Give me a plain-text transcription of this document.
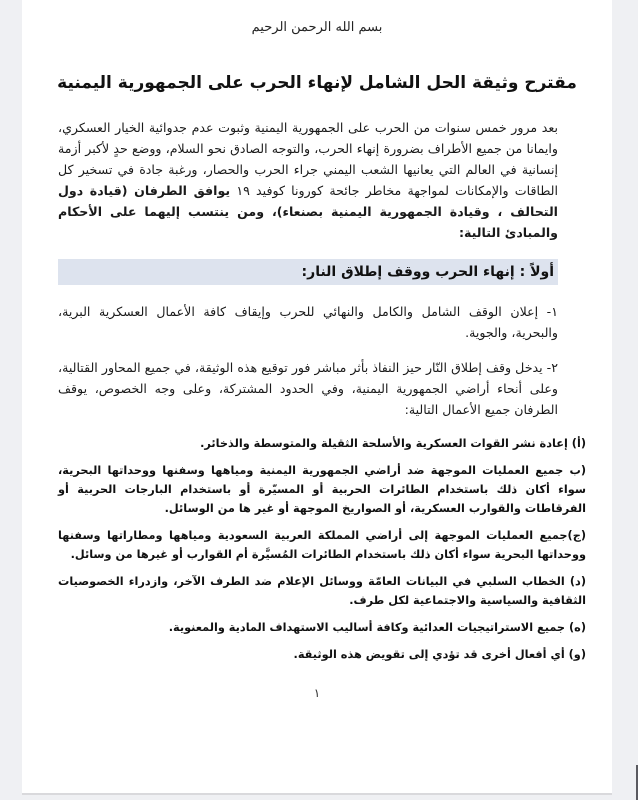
بسم الله الرحمن الرحيم
مقترح وثيقة الحل الشامل لإنهاء الحرب على الجمهورية اليمنية
بعد مرور خمس سنوات من الحرب على الجمهورية اليمنية وثبوت عدم جدوائية الخيار العسكري، وايمانا من جميع الأطراف بضرورة إنهاء الحرب، والتوجه الصادق نحو السلام، ووضع حدٍ لأكبر أزمة إنسانية في العالم التي يعانيها الشعب اليمني جراء الحرب والحصار، ورغبة جادة في تسخير كل الطاقات والإمكانات لمواجهة مخاطر جائحة كورونا كوفيد ١٩ يوافق الطرفان (قيادة دول التحالف ، وقيادة الجمهورية اليمنية بصنعاء)، ومن ينتسب إليهما على الأحكام والمبادئ التالية:
أولاً : إنهاء الحرب ووقف إطلاق النار:
١- إعلان الوقف الشامل والكامل والنهائي للحرب وإيقاف كافة الأعمال العسكرية البرية، والبحرية، والجوية.
٢- يدخل وقف إطلاق النّار حيز النفاذ بأثر مباشر فور توقيع هذه الوثيقة، في جميع المحاور القتالية، وعلى أنحاء أراضي الجمهورية اليمنية، وفي الحدود المشتركة، وعلى وجه الخصوص، يوقف الطرفان جميع الأعمال التالية:
(أ) إعادة نشر القوات العسكرية والأسلحة الثقيلة والمتوسطة والذخائر.
(ب جميع العمليات الموجهة ضد أراضي الجمهورية اليمنية ومياهها وسفنها ووحداتها البحرية، سواء أكان ذلك باستخدام الطائرات الحربية أو المسيّرة أو باستخدام البارجات الحربية أو الفرقاطات والقوارب العسكرية، أو الصواريخ الموجهة أو غير ها من الوسائل.
(ج)جميع العمليات الموجهة إلى أراضي المملكة العربية السعودية ومياهها ومطاراتها وسفنها ووحداتها البحرية سواء أكان ذلك باستخدام الطائرات المُسيَّرة أم القوارب أو غيرها من وسائل.
(د) الخطاب السلبي في البيانات العامّة ووسائل الإعلام ضد الطرف الآخر، وازدراء الخصوصيات الثقافية والسياسية والاجتماعية لكل طرف.
(ه) جميع الاستراتيجيات العدائية وكافة أساليب الاستهداف المادية والمعنوية.
(و) أي أفعال أخرى قد تؤدي إلى تقويض هذه الوثيقة.
١
